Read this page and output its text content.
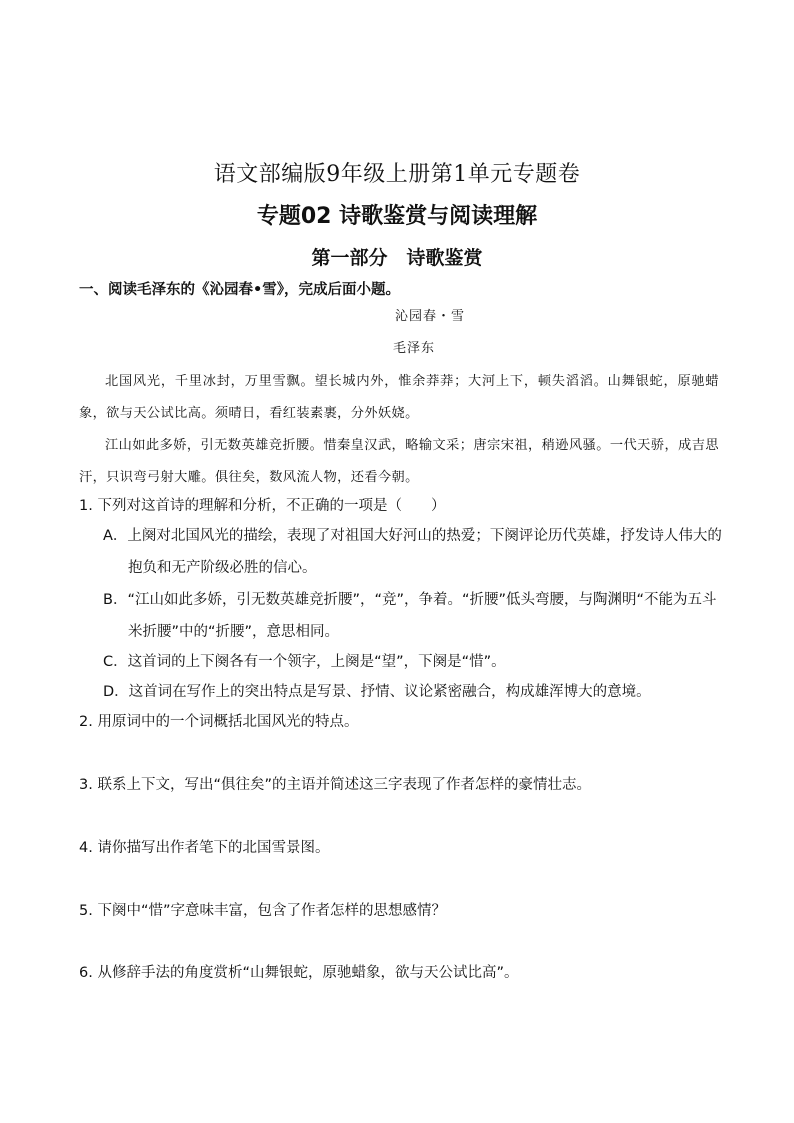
语文部编版9年级上册第1单元专题卷
专题02 诗歌鉴赏与阅读理解
第一部分　诗歌鉴赏
一、阅读毛泽东的《沁园春•雪》，完成后面小题。
沁园春・雪
毛泽东
北国风光，千里冰封，万里雪飘。望长城内外，惟余莽莽；大河上下，顿失滔滔。山舞银蛇，原驰蜡象，欲与天公试比高。须晴日，看红装素裹，分外妖娆。
江山如此多娇，引无数英雄竞折腰。惜秦皇汉武，略输文采；唐宗宋祖，稍逊风骚。一代天骄，成吉思汗，只识弯弓射大雕。俱往矣，数风流人物，还看今朝。
1. 下列对这首诗的理解和分析，不正确的一项是（　　）
A．上阕对北国风光的描绘，表现了对祖国大好河山的热爱；下阕评论历代英雄，抒发诗人伟大的抱负和无产阶级必胜的信心。
B．“江山如此多娇，引无数英雄竞折腰”，“竞”，争着。“折腰”低头弯腰，与陶渊明“不能为五斗米折腰”中的“折腰”，意思相同。
C．这首词的上下阕各有一个领字，上阕是“望”，下阕是“惜”。
D．这首词在写作上的突出特点是写景、抒情、议论紧密融合，构成雄浑博大的意境。
2. 用原词中的一个词概括北国风光的特点。
3. 联系上下文，写出“俱往矣”的主语并简述这三字表现了作者怎样的豪情壮志。
4. 请你描写出作者笔下的北国雪景图。
5. 下阕中“惜”字意味丰富，包含了作者怎样的思想感情？
6. 从修辞手法的角度赏析“山舞银蛇，原驰蜡象，欲与天公试比高”。
